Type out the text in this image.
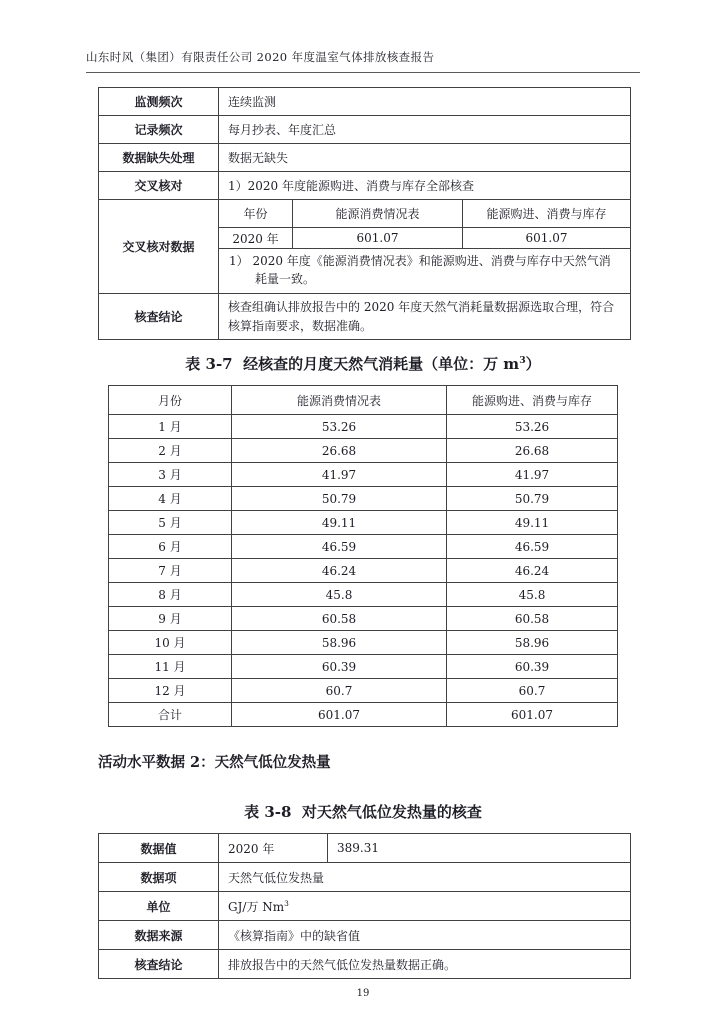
山东时风（集团）有限责任公司 2020 年度温室气体排放核查报告
监测频次	连续监测
记录频次	每月抄表、年度汇总
数据缺失处理	数据无缺失
交叉核对	1）2020 年度能源购进、消费与库存全部核查
交叉核对数据	
年份	能源消费情况表	能源购进、消费与库存
2020 年	601.07	601.07
1） 2020 年度《能源消费情况表》和能源购进、消费与库存中天然气消耗量一致。

核查结论	核查组确认排放报告中的 2020 年度天然气消耗量数据源选取合理，符合核算指南要求，数据准确。
表 3-7 经核查的月度天然气消耗量（单位：万 $m^3$）
月份	能源消费情况表	能源购进、消费与库存
1 月	53.26	53.26
2 月	26.68	26.68
3 月	41.97	41.97
4 月	50.79	50.79
5 月	49.11	49.11
6 月	46.59	46.59
7 月	46.24	46.24
8 月	45.8	45.8
9 月	60.58	60.58
10 月	58.96	58.96
11 月	60.39	60.39
12 月	60.7	60.7
合计	601.07	601.07
活动水平数据 2：天然气低位发热量
表 3-8 对天然气低位发热量的核查
数据值	2020 年	389.31
数据项	天然气低位发热量	
单位	GJ/万 Nm$^3$
数据来源	《核算指南》中的缺省值	
核查结论	排放报告中的天然气低位发热量数据正确。	
19
